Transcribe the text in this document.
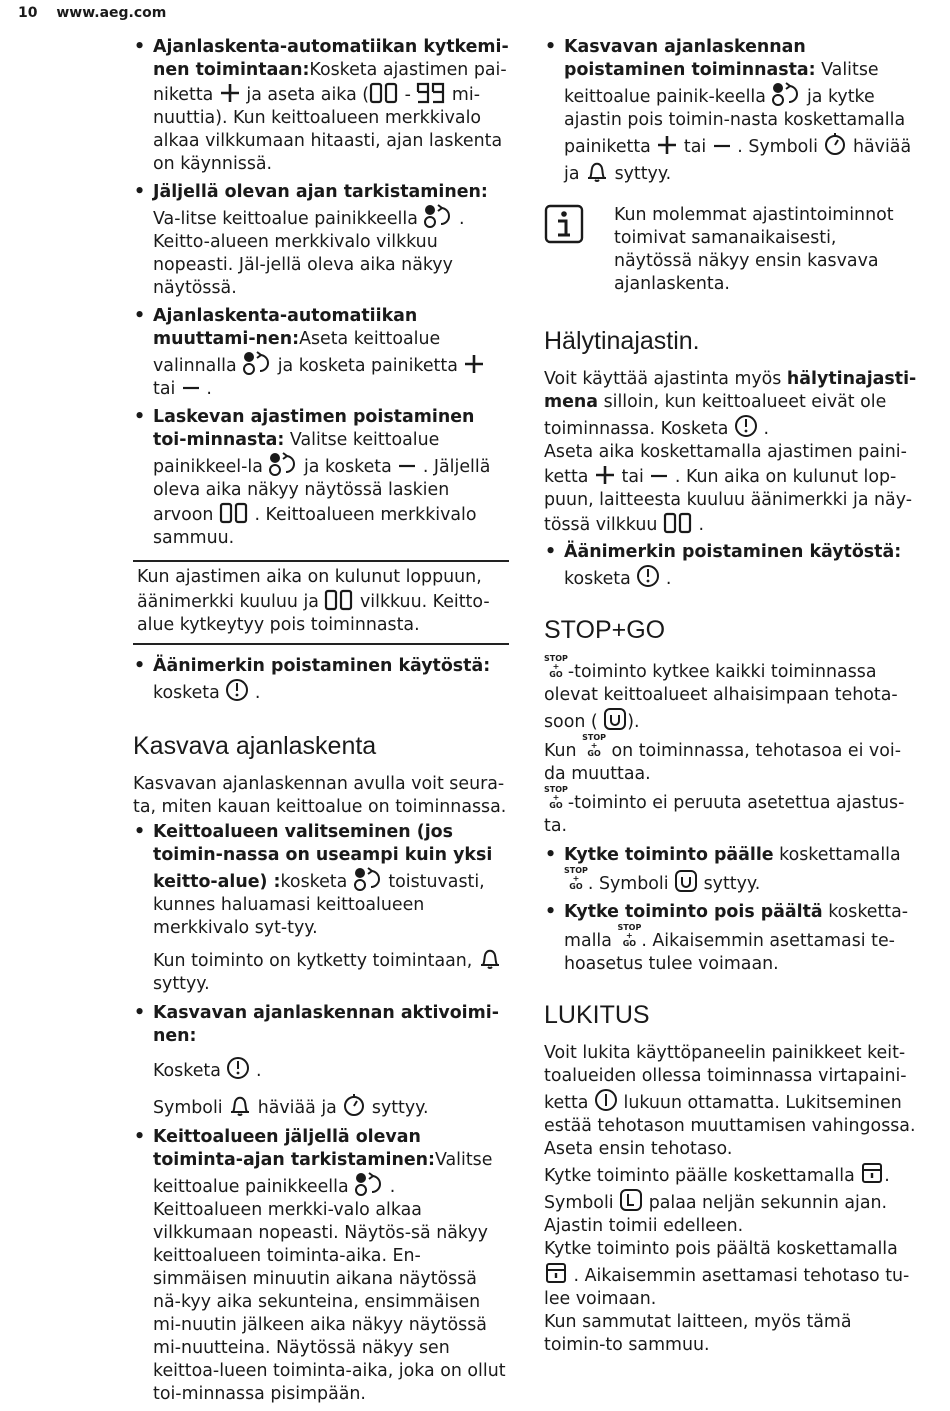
10 www.aeg.com

• Ajanlaskenta-automatiikan kytkemi-nen toimintaan:Kosketa ajastimen pai-niketta ja aseta aika ( - mi-nuuttia). Kun keittoalueen merkkivalo alkaa vilkkumaan hitaasti, ajan laskenta on käynnissä.

• Jäljellä olevan ajan tarkistaminen: Va-litse keittoalue painikkeella . Keitto-alueen merkkivalo vilkkuu nopeasti. Jäl-jellä oleva aika näkyy näytössä.

• Ajanlaskenta-automatiikan muuttami-nen:Aseta keittoalue valinnalla ja kosketa painiketta  tai .

• Laskevan ajastimen poistaminen toi-minnasta: Valitse keittoalue painikkeel-la ja kosketa . Jäljellä oleva aika näkyy näytössä laskien arvoon . Keittoalueen merkkivalo sammuu.

Kun ajastimen aika on kulunut loppuun, äänimerkki kuuluu ja vilkkuu. Keitto-alue kytkeytyy pois toiminnasta.

• Äänimerkin poistaminen käytöstä:
kosketa .

Kasvava ajanlaskenta

Kasvavan ajanlaskennan avulla voit seura-ta, miten kauan keittoalue on toiminnassa.

• Keittoalueen valitseminen (jos toimin-nassa on useampi kuin yksi keitto-alue) :kosketa toistuvasti, kunnes haluamasi keittoalueen merkkivalo syt-tyy.

Kun toiminto on kytketty toimintaan,  syttyy.

• Kasvavan ajanlaskennan aktivoimi-nen:

Kosketa .

Symboli häviää ja syttyy.

• Keittoalueen jäljellä olevan toiminta-ajan tarkistaminen:Valitse keittoalue painikkeella . Keittoalueen merkki-valo alkaa vilkkumaan nopeasti. Näytös-sä näkyy keittoalueen toiminta-aika. En-simmäisen minuutin aikana näytössä nä-kyy aika sekunteina, ensimmäisen mi-nuutin jälkeen aika näkyy näytössä mi-nuutteina. Näytössä näkyy sen keittoa-lueen toiminta-aika, joka on ollut toi-minnassa pisimpään.

• Kasvavan ajanlaskennan poistaminen toiminnasta: Valitse keittoalue painik-keella ja kytke ajastin pois toimin-nasta koskettamalla painiketta tai . Symboli häviää ja syttyy.

Kun molemmat ajastintoiminnot toimivat samanaikaisesti, näytössä näkyy ensin kasvava ajanlaskenta.
Hälytinajastin.

Voit käyttää ajastinta myös hälytinajasti-mena silloin, kun keittoalueet eivät ole toiminnassa. Kosketa .

Aseta aika koskettamalla ajastimen paini-ketta tai . Kun aika on kulunut lop-puun, laitteesta kuuluu äänimerkki ja näy-tössä vilkkuu .

• Äänimerkin poistaminen käytöstä:
kosketa .

STOP+GO

STOP
+
GO -toiminto kytkee kaikki toiminnassa olevat keittoalueet alhaisimpaan tehota-soon ( ).

Kun STOP
+
GO on toiminnassa, tehotasoa ei voi-da muuttaa.

STOP
+
GO -toiminto ei peruuta asetettua ajastus-ta.

• Kytke toiminto päälle koskettamalla
STOP
+
GO . Symboli syttyy.

• Kytke toiminto pois päältä kosketta-malla STOP
+
GO . Aikaisemmin asettamasi te-hoasetus tulee voimaan.

LUKITUS

Voit lukita käyttöpaneelin painikkeet keit-toalueiden ollessa toiminnassa virtapaini-ketta lukuun ottamatta. Lukitseminen estää tehotason muuttamisen vahingossa.

Aseta ensin tehotaso.

Kytke toiminto päälle koskettamalla .

Symboli palaa neljän sekunnin ajan.

Ajastin toimii edelleen.

Kytke toiminto pois päältä koskettamalla
. Aikaisemmin asettamasi tehotaso tu-lee voimaan.

Kun sammutat laitteen, myös tämä toimin-to sammuu.
